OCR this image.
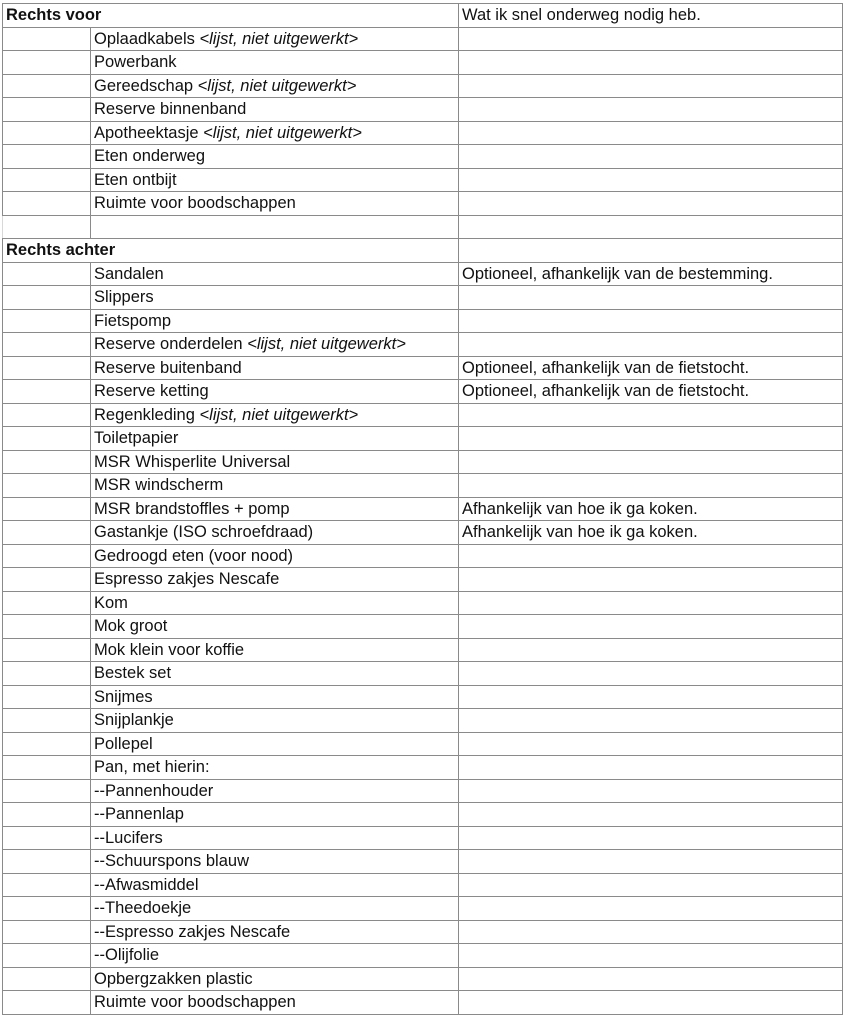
Rechts voor		Wat ik snel onderweg nodig heb.
	Oplaadkabels <lijst, niet uitgewerkt>	
	Powerbank	
	Gereedschap <lijst, niet uitgewerkt>	
	Reserve binnenband	
	Apotheektasje <lijst, niet uitgewerkt>	
	Eten onderweg	
	Eten ontbijt	
	Ruimte voor boodschappen	

Rechts achter		
	Sandalen	Optioneel, afhankelijk van de bestemming.
	Slippers	
	Fietspomp	
	Reserve onderdelen <lijst, niet uitgewerkt>	
	Reserve buitenband	Optioneel, afhankelijk van de fietstocht.
	Reserve ketting	Optioneel, afhankelijk van de fietstocht.
	Regenkleding <lijst, niet uitgewerkt>	
	Toiletpapier	
	MSR Whisperlite Universal	
	MSR windscherm	
	MSR brandstoffles + pomp	Afhankelijk van hoe ik ga koken.
	Gastankje (ISO schroefdraad)	Afhankelijk van hoe ik ga koken.
	Gedroogd eten (voor nood)	
	Espresso zakjes Nescafe	
	Kom	
	Mok groot	
	Mok klein voor koffie	
	Bestek set	
	Snijmes	
	Snijplankje	
	Pollepel	
	Pan, met hierin:	
	--Pannenhouder	
	--Pannenlap	
	--Lucifers	
	--Schuurspons blauw	
	--Afwasmiddel	
	--Theedoekje	
	--Espresso zakjes Nescafe	
	--Olijfolie	
	Opbergzakken plastic	
	Ruimte voor boodschappen	
